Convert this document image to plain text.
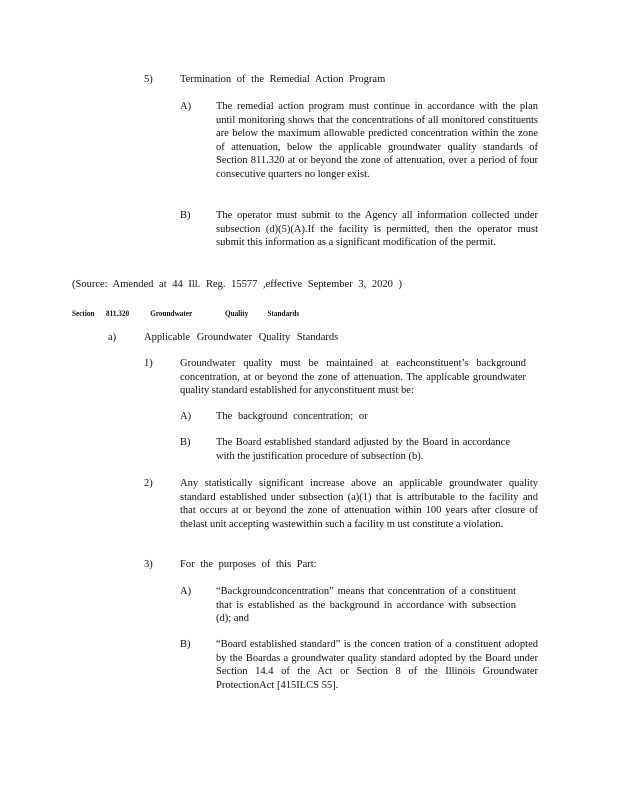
5)	Termination of the Remedial Action Program
A) The remedial action program must continue in accordance with the plan until monitoring shows that the concentrations of all monitored constituents are below the maximum allowable predicted concentration within the zone of attenuation, below the applicable groundwater quality standards of Section 811.320 at or beyond the zone of attenuation, over a period of four consecutive quarters no longer exist.
B) The operator must submit to the Agency all information collected under subsection (d)(5)(A).If the facility is permitted, then the operator must submit this information as a significant modification of the permit.
(Source: Amended at 44 Ill. Reg. 15577 ,effective September 3, 2020 )
Section 811.320 Groundwater	Quality Standards
a)	Applicable Groundwater Quality Standards
1)	Groundwater quality must be maintained at eachconstituent’s background concentration, at or beyond the zone of attenuation. The applicable groundwater quality standard established for anyconstituent must be:
A) The background concentration; or
B) The Board established standard adjusted by the Board in accordance with the justification procedure of subsection (b).
2)	Any statistically significant increase above an applicable groundwater quality standard established under subsection (a)(1) that is attributable to the facility and that occurs at or beyond the zone of attenuation within 100 years after closure of thelast unit accepting wastewithin such a facility m ust constitute a violation.
3)	For the purposes of this Part:
A) “Backgroundconcentration” means that concentration of a constituent that is established as the background in accordance with subsection (d); and
B) “Board established standard” is the concen tration of a constituent adopted by the Boardas a groundwater quality standard adopted by the Board under Section 14.4 of the Act or Section 8 of the Illinois Groundwater ProtectionAct [415ILCS 55].
